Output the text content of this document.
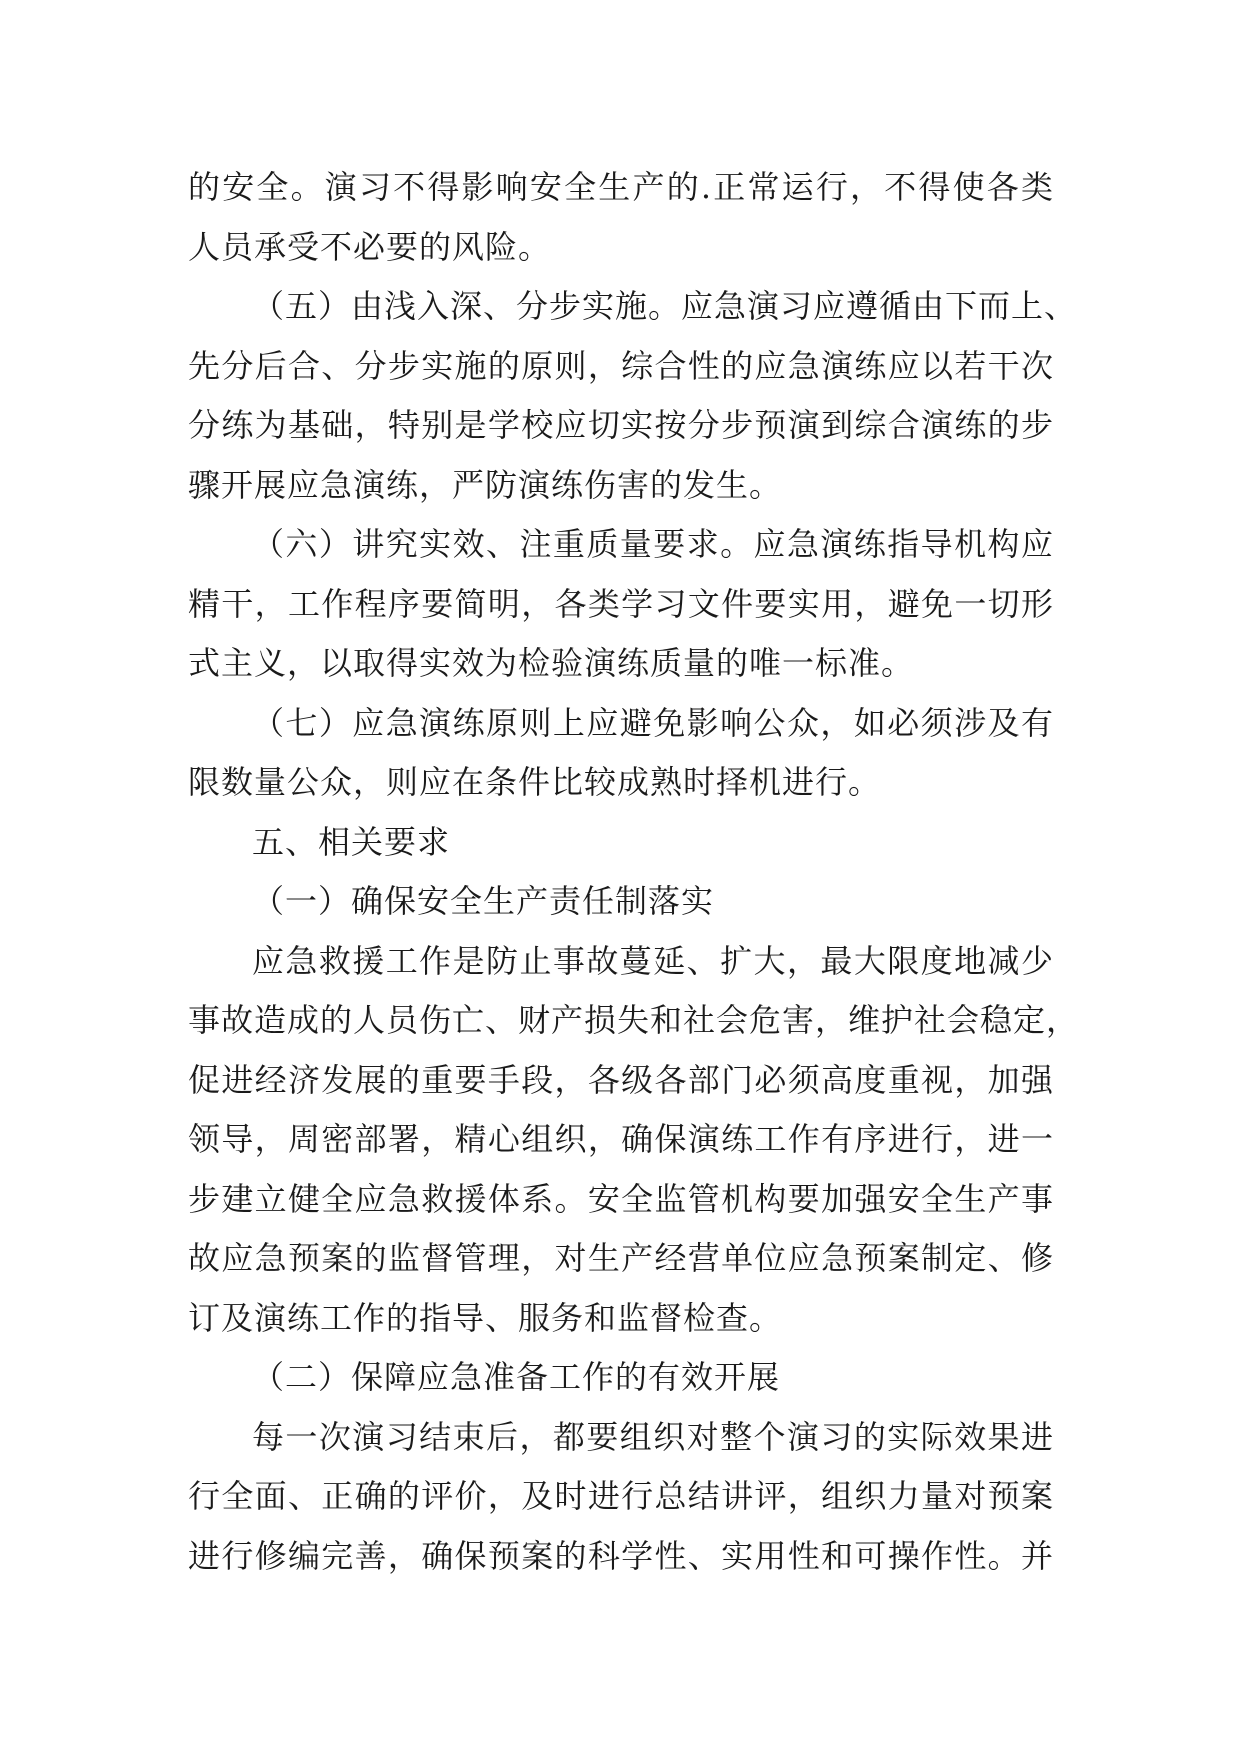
的安全。演习不得影响安全生产的.正常运行，不得使各类
人员承受不必要的风险。
（五）由浅入深、分步实施。应急演习应遵循由下而上、
先分后合、分步实施的原则，综合性的应急演练应以若干次
分练为基础，特别是学校应切实按分步预演到综合演练的步
骤开展应急演练，严防演练伤害的发生。
（六）讲究实效、注重质量要求。应急演练指导机构应
精干，工作程序要简明，各类学习文件要实用，避免一切形
式主义，以取得实效为检验演练质量的唯一标准。
（七）应急演练原则上应避免影响公众，如必须涉及有
限数量公众，则应在条件比较成熟时择机进行。
五、相关要求
（一）确保安全生产责任制落实
应急救援工作是防止事故蔓延、扩大，最大限度地减少
事故造成的人员伤亡、财产损失和社会危害，维护社会稳定，
促进经济发展的重要手段，各级各部门必须高度重视，加强
领导，周密部署，精心组织，确保演练工作有序进行，进一
步建立健全应急救援体系。安全监管机构要加强安全生产事
故应急预案的监督管理，对生产经营单位应急预案制定、修
订及演练工作的指导、服务和监督检查。
（二）保障应急准备工作的有效开展
每一次演习结束后，都要组织对整个演习的实际效果进
行全面、正确的评价，及时进行总结讲评，组织力量对预案
进行修编完善，确保预案的科学性、实用性和可操作性。并
